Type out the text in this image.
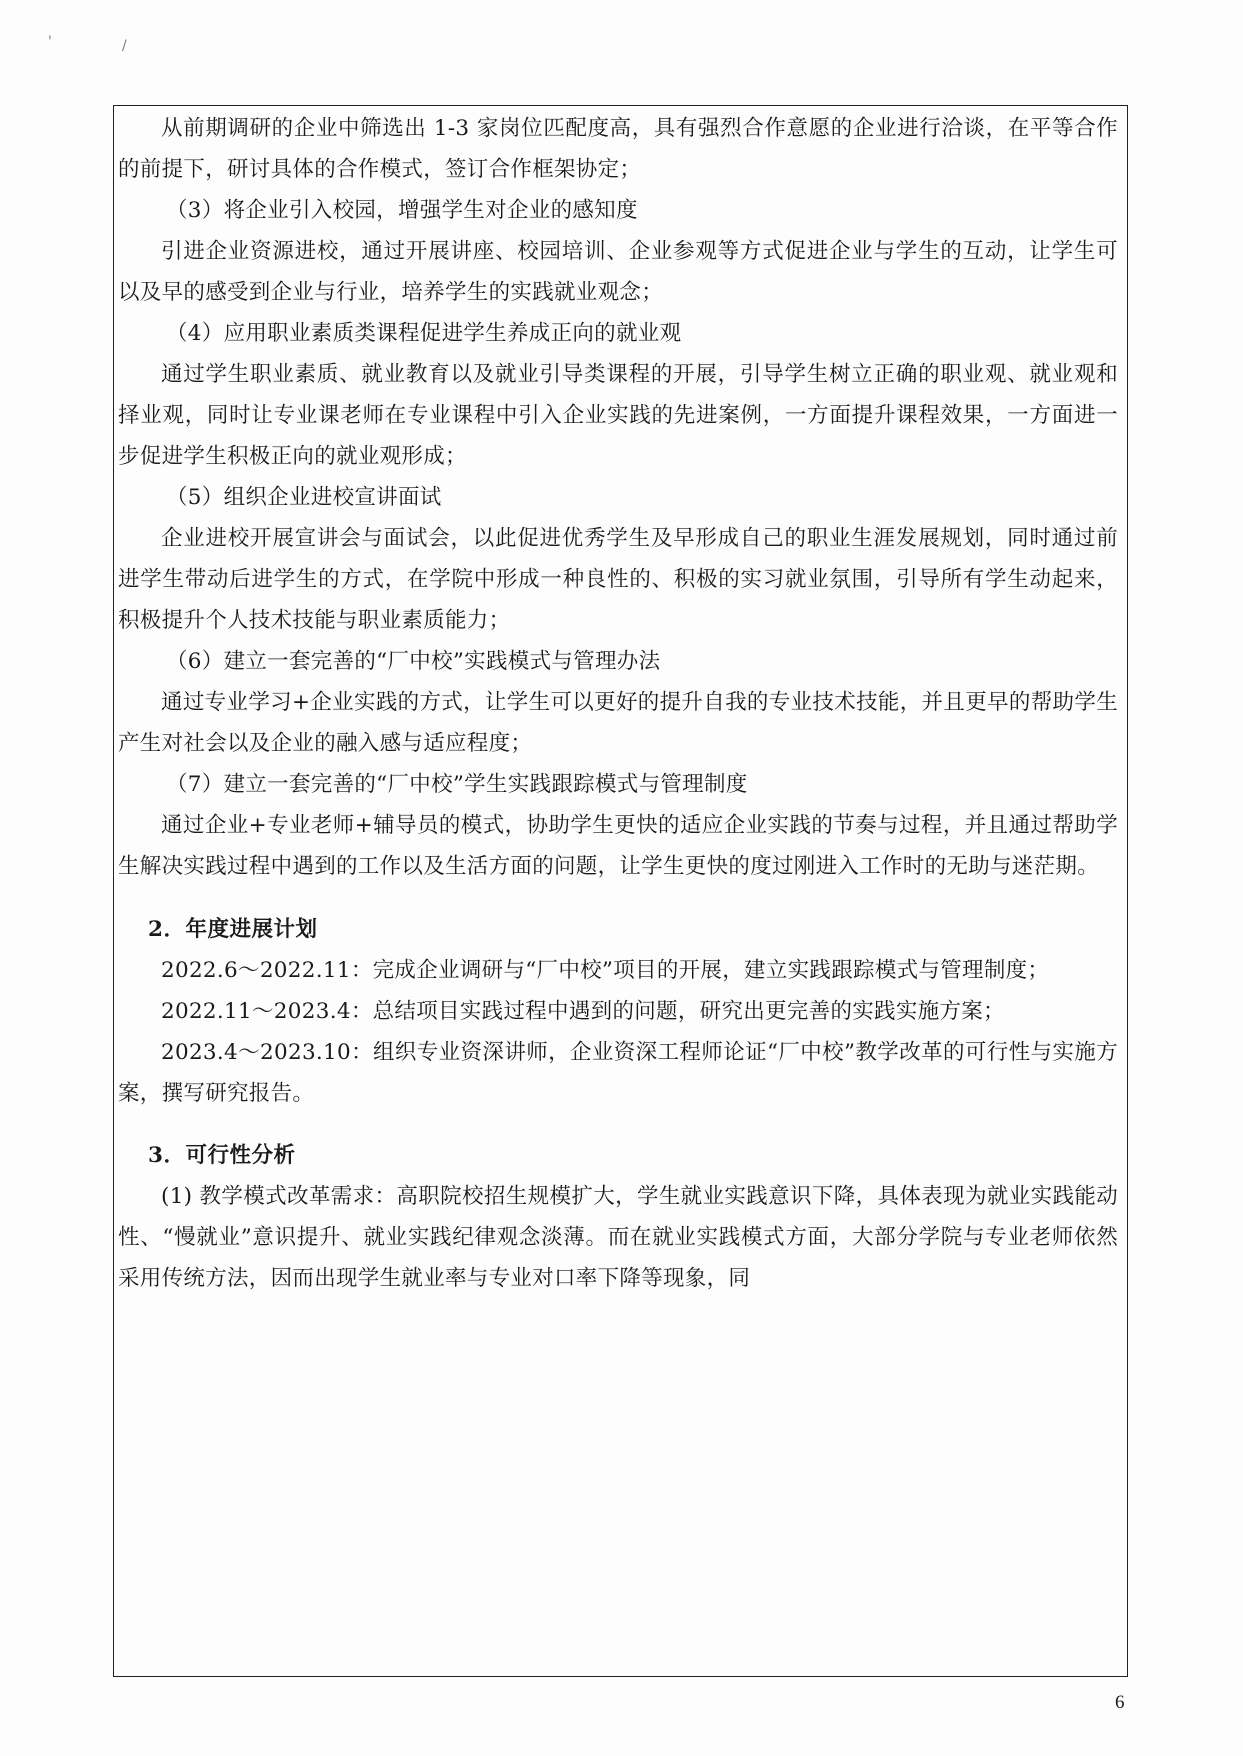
'	/
从前期调研的企业中筛选出 1-3 家岗位匹配度高，具有强烈合作意愿的企业进行洽谈，在平等合作的前提下，研讨具体的合作模式，签订合作框架协定；
（3）将企业引入校园，增强学生对企业的感知度
引进企业资源进校，通过开展讲座、校园培训、企业参观等方式促进企业与学生的互动，让学生可以及早的感受到企业与行业，培养学生的实践就业观念；
（4）应用职业素质类课程促进学生养成正向的就业观
通过学生职业素质、就业教育以及就业引导类课程的开展，引导学生树立正确的职业观、就业观和择业观，同时让专业课老师在专业课程中引入企业实践的先进案例，一方面提升课程效果，一方面进一步促进学生积极正向的就业观形成；
（5）组织企业进校宣讲面试
企业进校开展宣讲会与面试会，以此促进优秀学生及早形成自己的职业生涯发展规划，同时通过前进学生带动后进学生的方式，在学院中形成一种良性的、积极的实习就业氛围，引导所有学生动起来，积极提升个人技术技能与职业素质能力；
（6）建立一套完善的“厂中校”实践模式与管理办法
通过专业学习+企业实践的方式，让学生可以更好的提升自我的专业技术技能，并且更早的帮助学生产生对社会以及企业的融入感与适应程度；
（7）建立一套完善的“厂中校”学生实践跟踪模式与管理制度
通过企业+专业老师+辅导员的模式，协助学生更快的适应企业实践的节奏与过程，并且通过帮助学生解决实践过程中遇到的工作以及生活方面的问题，让学生更快的度过刚进入工作时的无助与迷茫期。
2．年度进展计划
2022.6～2022.11：完成企业调研与“厂中校”项目的开展，建立实践跟踪模式与管理制度；
2022.11～2023.4：总结项目实践过程中遇到的问题，研究出更完善的实践实施方案；
2023.4～2023.10：组织专业资深讲师，企业资深工程师论证“厂中校”教学改革的可行性与实施方案，撰写研究报告。
3．可行性分析
(1) 教学模式改革需求：高职院校招生规模扩大，学生就业实践意识下降，具体表现为就业实践能动性、“慢就业”意识提升、就业实践纪律观念淡薄。而在就业实践模式方面，大部分学院与专业老师依然采用传统方法，因而出现学生就业率与专业对口率下降等现象，同
6
